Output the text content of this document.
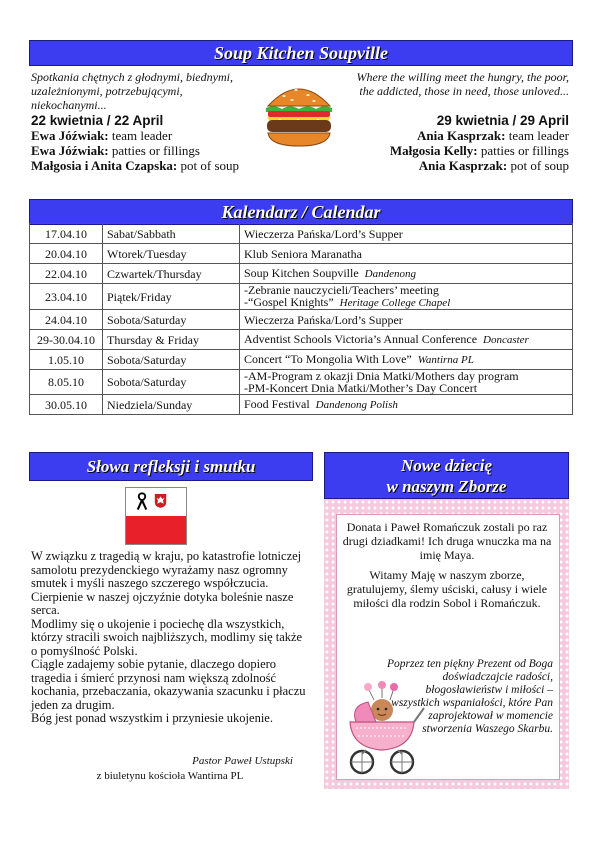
Soup Kitchen Soupville
Spotkania chętnych z głodnymi, biednymi, uzależnionymi, potrzebującymi, niekochanymi...
Where the willing meet the hungry, the poor, the addicted, those in need, those unloved...
22 kwietnia / 22 April
Ewa Jóźwiak: team leader
Ewa Jóźwiak: patties or fillings
Małgosia i Anita Czapska: pot of soup
29 kwietnia / 29 April
Ania Kasprzak: team leader
Małgosia Kelly: patties or fillings
Ania Kasprzak: pot of soup
Kalendarz / Calendar
17.04.10	Sabat/Sabbath	Wieczerza Pańska/Lord’s Supper

20.04.10	Wtorek/Tuesday	Klub Seniora Maranatha

22.04.10	Czwartek/Thursday	Soup Kitchen Soupville Dandenong

23.04.10	Piątek/Friday	-Zebranie nauczycieli/Teachers’ meeting
-“Gospel Knights” Heritage College Chapel

24.04.10	Sobota/Saturday	Wieczerza Pańska/Lord’s Supper

29-30.04.10	Thursday & Friday	Adventist Schools Victoria’s Annual Conference Doncaster

1.05.10	Sobota/Saturday	Concert “To Mongolia With Love” Wantirna PL

8.05.10	Sobota/Saturday	-AM-Program z okazji Dnia Matki/Mothers day program
-PM-Koncert Dnia Matki/Mother’s Day Concert

30.05.10	Niedziela/Sunday	Food Festival Dandenong Polish
Słowa refleksji i smutku

W związku z tragedią w kraju, po katastrofie lotniczej samolotu prezydenckiego wyrażamy nasz ogromny smutek i myśli naszego szczerego współczucia.

Cierpienie w naszej ojczyźnie dotyka boleśnie nasze serca.

Modlimy się o ukojenie i pociechę dla wszystkich, którzy stracili swoich najbliższych, modlimy się także o pomyślność Polski.

Ciągle zadajemy sobie pytanie, dlaczego dopiero tragedia i śmierć przynosi nam większą zdolność kochania, przebaczania, okazywania szacunku i płaczu jeden za drugim.

Bóg jest ponad wszystkim i przyniesie ukojenie.

Pastor Paweł Ustupski
z biuletynu kościoła Wantirna PL
Nowe dziecię
w naszym Zborze

Donata i Paweł Romańczuk zostali po raz drugi dziadkami! Ich druga wnuczka ma na imię Maya.

Witamy Maję w naszym zborze, gratulujemy, ślemy uściski, całusy i wiele miłości dla rodzin Sobol i Romańczuk.

Poprzez ten piękny Prezent od Boga doświadczajcie radości, błogosławieństw i miłości – wszystkich wspaniałości, które Pan zaprojektował w momencie stworzenia Waszego Skarbu.
